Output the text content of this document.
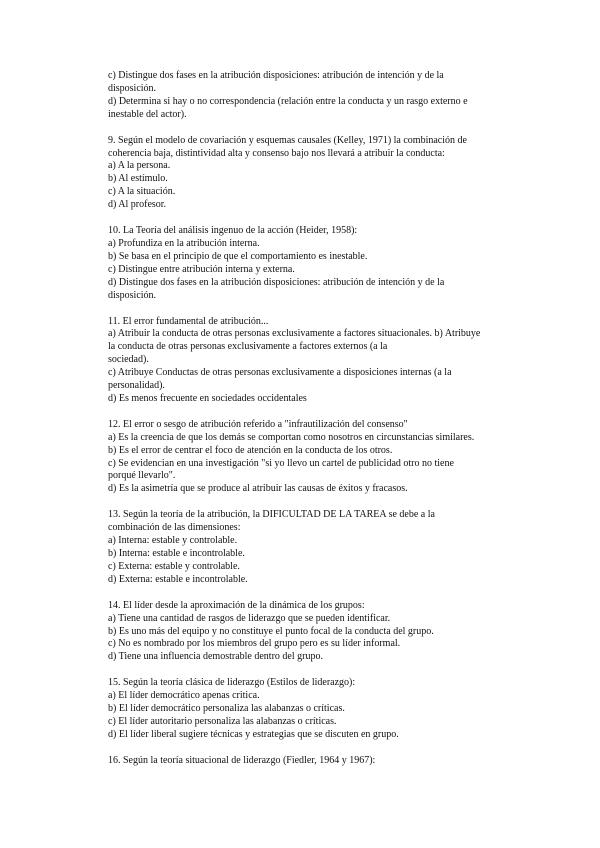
c) Distingue dos fases en la atribución disposiciones: atribución de intención y de la
disposición.
d) Determina si hay o no correspondencia (relación entre la conducta y un rasgo externo e
inestable del actor).
9. Según el modelo de covariación y esquemas causales (Kelley, 1971) la combinación de
coherencia baja, distintividad alta y consenso bajo nos llevará a atribuir la conducta:
a) A la persona.
b) Al estímulo.
c) A la situación.
d) Al profesor.
10. La Teoría del análisis ingenuo de la acción (Heider, 1958):
a) Profundiza en la atribución interna.
b) Se basa en el principio de que el comportamiento es inestable.
c) Distingue entre atribución interna y externa.
d) Distingue dos fases en la atribución disposiciones: atribución de intención y de la
disposición.
11. El error fundamental de atribución...
a) Atribuir la conducta de otras personas exclusivamente a factores situacionales. b) Atribuye
la conducta de otras personas exclusivamente a factores externos (a la
sociedad).
c) Atribuye Conductas de otras personas exclusivamente a disposiciones internas (a la
personalidad).
d) Es menos frecuente en sociedades occidentales
12. El error o sesgo de atribución referido a "infrautilización del consenso"
a) Es la creencia de que los demás se comportan como nosotros en circunstancias similares.
b) Es el error de centrar el foco de atención en la conducta de los otros.
c) Se evidencian en una investigación "si yo llevo un cartel de publicidad otro no tiene
porqué llevarlo".
d) Es la asimetría que se produce al atribuir las causas de éxitos y fracasos.
13. Según la teoría de la atribución, la DIFICULTAD DE LA TAREA se debe a la
combinación de las dimensiones:
a) Interna: estable y controlable.
b) Interna: estable e incontrolable.
c) Externa: estable y controlable.
d) Externa: estable e incontrolable.
14. El líder desde la aproximación de la dinámica de los grupos:
a) Tiene una cantidad de rasgos de liderazgo que se pueden identificar.
b) Es uno más del equipo y no constituye el punto focal de la conducta del grupo.
c) No es nombrado por los miembros del grupo pero es su líder informal.
d) Tiene una influencia demostrable dentro del grupo.
15. Según la teoría clásica de liderazgo (Estilos de liderazgo):
a) El líder democrático apenas critica.
b) El líder democrático personaliza las alabanzas o críticas.
c) El líder autoritario personaliza las alabanzas o críticas.
d) El líder liberal sugiere técnicas y estrategias que se discuten en grupo.
16. Según la teoría situacional de liderazgo (Fiedler, 1964 y 1967):
